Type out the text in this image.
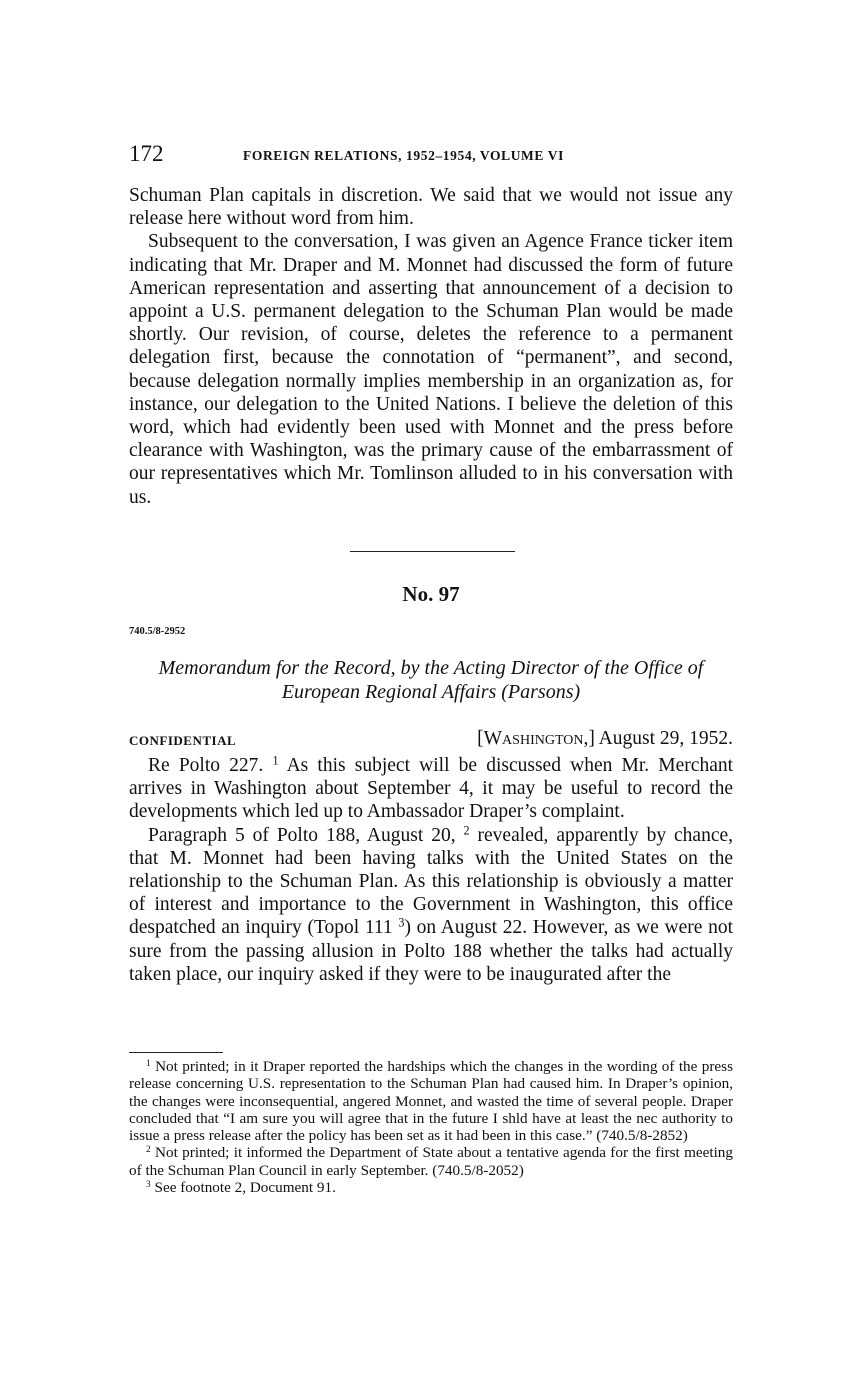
172	FOREIGN RELATIONS, 1952–1954, VOLUME VI

Schuman Plan capitals in discretion. We said that we would not issue any release here without word from him.

Subsequent to the conversation, I was given an Agence France ticker item indicating that Mr. Draper and M. Monnet had discussed the form of future American representation and asserting that announcement of a decision to appoint a U.S. permanent delegation to the Schuman Plan would be made shortly. Our revision, of course, deletes the reference to a permanent delegation first, because the connotation of “permanent”, and second, because delegation normally implies membership in an organization as, for instance, our delegation to the United Nations. I believe the deletion of this word, which had evidently been used with Monnet and the press before clearance with Washington, was the primary cause of the embarrassment of our representatives which Mr. Tomlinson alluded to in his conversation with us.

No. 97
740.5/8-2952

Memorandum for the Record, by the Acting Director of the Office of
European Regional Affairs (Parsons)

CONFIDENTIAL	[Washington,] August 29, 1952.

Re Polto 227. $^1$ As this subject will be discussed when Mr. Merchant arrives in Washington about September 4, it may be useful to record the developments which led up to Ambassador Draper’s complaint.

Paragraph 5 of Polto 188, August 20, $^2$ revealed, apparently by chance, that M. Monnet had been having talks with the United States on the relationship to the Schuman Plan. As this relationship is obviously a matter of interest and importance to the Government in Washington, this office despatched an inquiry (Topol 111 $^3$) on August 22. However, as we were not sure from the passing allusion in Polto 188 whether the talks had actually taken place, our inquiry asked if they were to be inaugurated after the

$^1$ Not printed; in it Draper reported the hardships which the changes in the wording of the press release concerning U.S. representation to the Schuman Plan had caused him. In Draper’s opinion, the changes were inconsequential, angered Monnet, and wasted the time of several people. Draper concluded that “I am sure you will agree that in the future I shld have at least the nec authority to issue a press release after the policy has been set as it had been in this case.” (740.5/8-2852)

$^2$ Not printed; it informed the Department of State about a tentative agenda for the first meeting of the Schuman Plan Council in early September. (740.5/8-2052)

$^3$ See footnote 2, Document 91.
